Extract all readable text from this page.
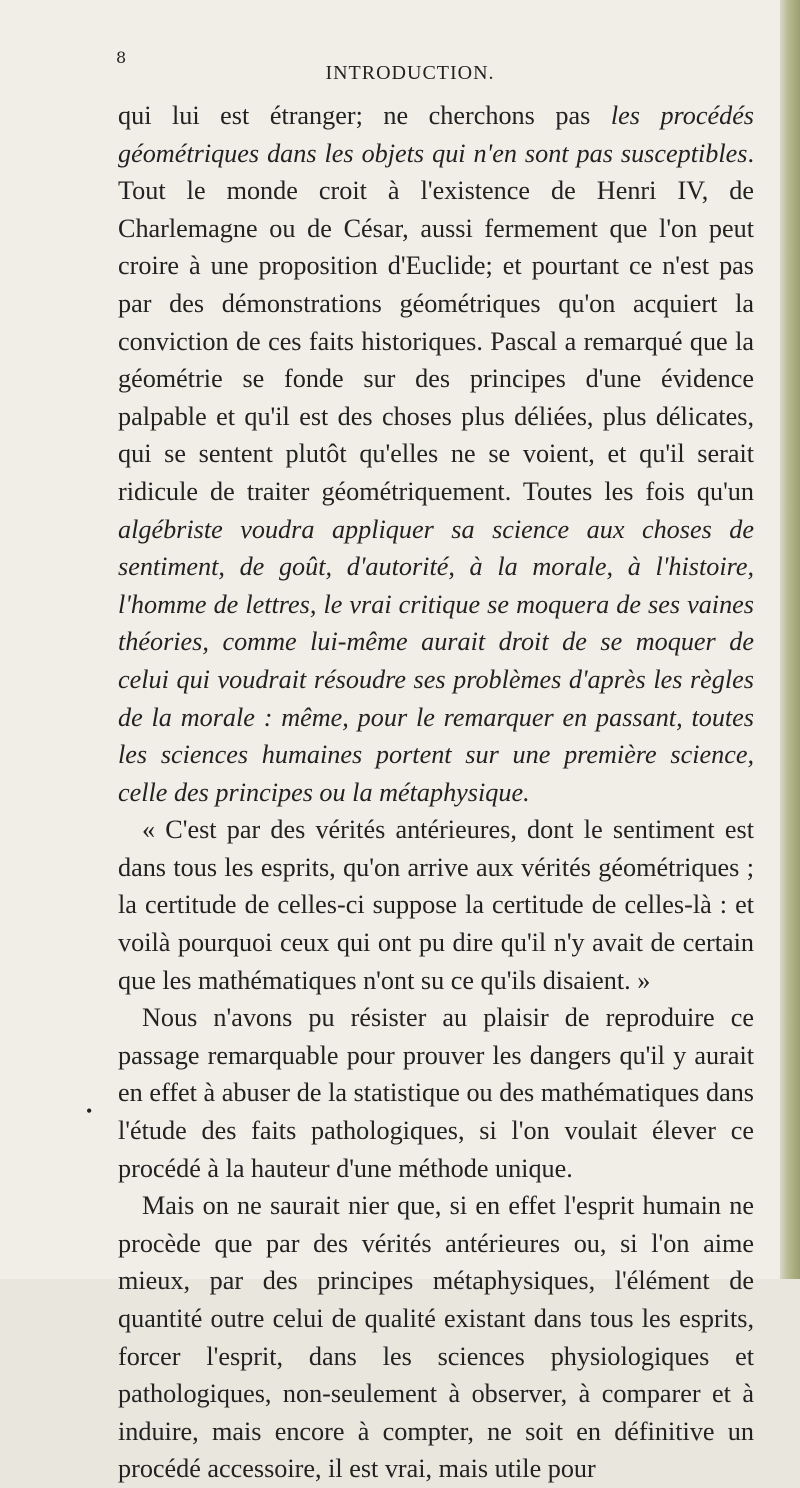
8
INTRODUCTION.

qui lui est étranger; ne cherchons pas les procédés géométriques dans les objets qui n'en sont pas susceptibles. Tout le monde croit à l'existence de Henri IV, de Charlemagne ou de César, aussi fermement que l'on peut croire à une proposition d'Euclide; et pourtant ce n'est pas par des démonstrations géométriques qu'on acquiert la conviction de ces faits historiques. Pascal a remarqué que la géométrie se fonde sur des principes d'une évidence palpable et qu'il est des choses plus déliées, plus délicates, qui se sentent plutôt qu'elles ne se voient, et qu'il serait ridicule de traiter géométriquement. Toutes les fois qu'un algébriste voudra appliquer sa science aux choses de sentiment, de goût, d'autorité, à la morale, à l'histoire, l'homme de lettres, le vrai critique se moquera de ses vaines théories, comme lui-même aurait droit de se moquer de celui qui voudrait résoudre ses problèmes d'après les règles de la morale : même, pour le remarquer en passant, toutes les sciences humaines portent sur une première science, celle des principes ou la métaphysique.

« C'est par des vérités antérieures, dont le sentiment est dans tous les esprits, qu'on arrive aux vérités géométriques ; la certitude de celles-ci suppose la certitude de celles-là : et voilà pourquoi ceux qui ont pu dire qu'il n'y avait de certain que les mathématiques n'ont su ce qu'ils disaient. »

Nous n'avons pu résister au plaisir de reproduire ce passage remarquable pour prouver les dangers qu'il y aurait en effet à abuser de la statistique ou des mathématiques dans l'étude des faits pathologiques, si l'on voulait élever ce procédé à la hauteur d'une méthode unique.

Mais on ne saurait nier que, si en effet l'esprit humain ne procède que par des vérités antérieures ou, si l'on aime mieux, par des principes métaphysiques, l'élément de quantité outre celui de qualité existant dans tous les esprits, forcer l'esprit, dans les sciences physiologiques et pathologiques, non-seulement à observer, à comparer et à induire, mais encore à compter, ne soit en définitive un procédé accessoire, il est vrai, mais utile pour

•
